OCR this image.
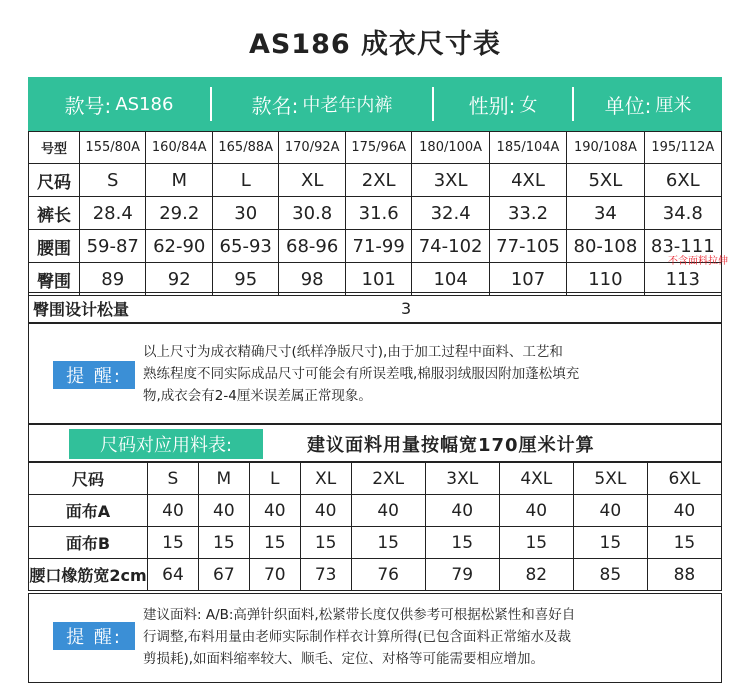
AS186 成衣尺寸表
款号: AS186	款名: 中老年内裤	性别: 女	单位: 厘米
号型	155/80A	160/84A	165/88A	170/92A	175/96A	180/100A	185/104A	190/108A	195/112A
尺码	S	M	L	XL	2XL	3XL	4XL	5XL	6XL
裤长	28.4	29.2	30	30.8	31.6	32.4	33.2	34	34.8
腰围	59-87	62-90	65-93	68-96	71-99	74-102	77-105	80-108	83-111
臀围	89	92	95	98	101	104	107	110	113
不含面料拉伸
臀围设计松量	3
提 醒:
以上尺寸为成衣精确尺寸(纸样净版尺寸),由于加工过程中面料、工艺和
熟练程度不同实际成品尺寸可能会有所误差哦,棉服羽绒服因附加蓬松填充
物,成衣会有2-4厘米误差属正常现象。
尺码对应用料表:	建议面料用量按幅宽170厘米计算
尺码	S	M	L	XL	2XL	3XL	4XL	5XL	6XL
面布A	40	40	40	40	40	40	40	40	40
面布B	15	15	15	15	15	15	15	15	15
腰口橡筋宽2cm	64	67	70	73	76	79	82	85	88
提 醒:
建议面料: A/B:高弹针织面料,松紧带长度仅供参考可根据松紧性和喜好自
行调整,布料用量由老师实际制作样衣计算所得(已包含面料正常缩水及裁
剪损耗),如面料缩率较大、顺毛、定位、对格等可能需要相应增加。
